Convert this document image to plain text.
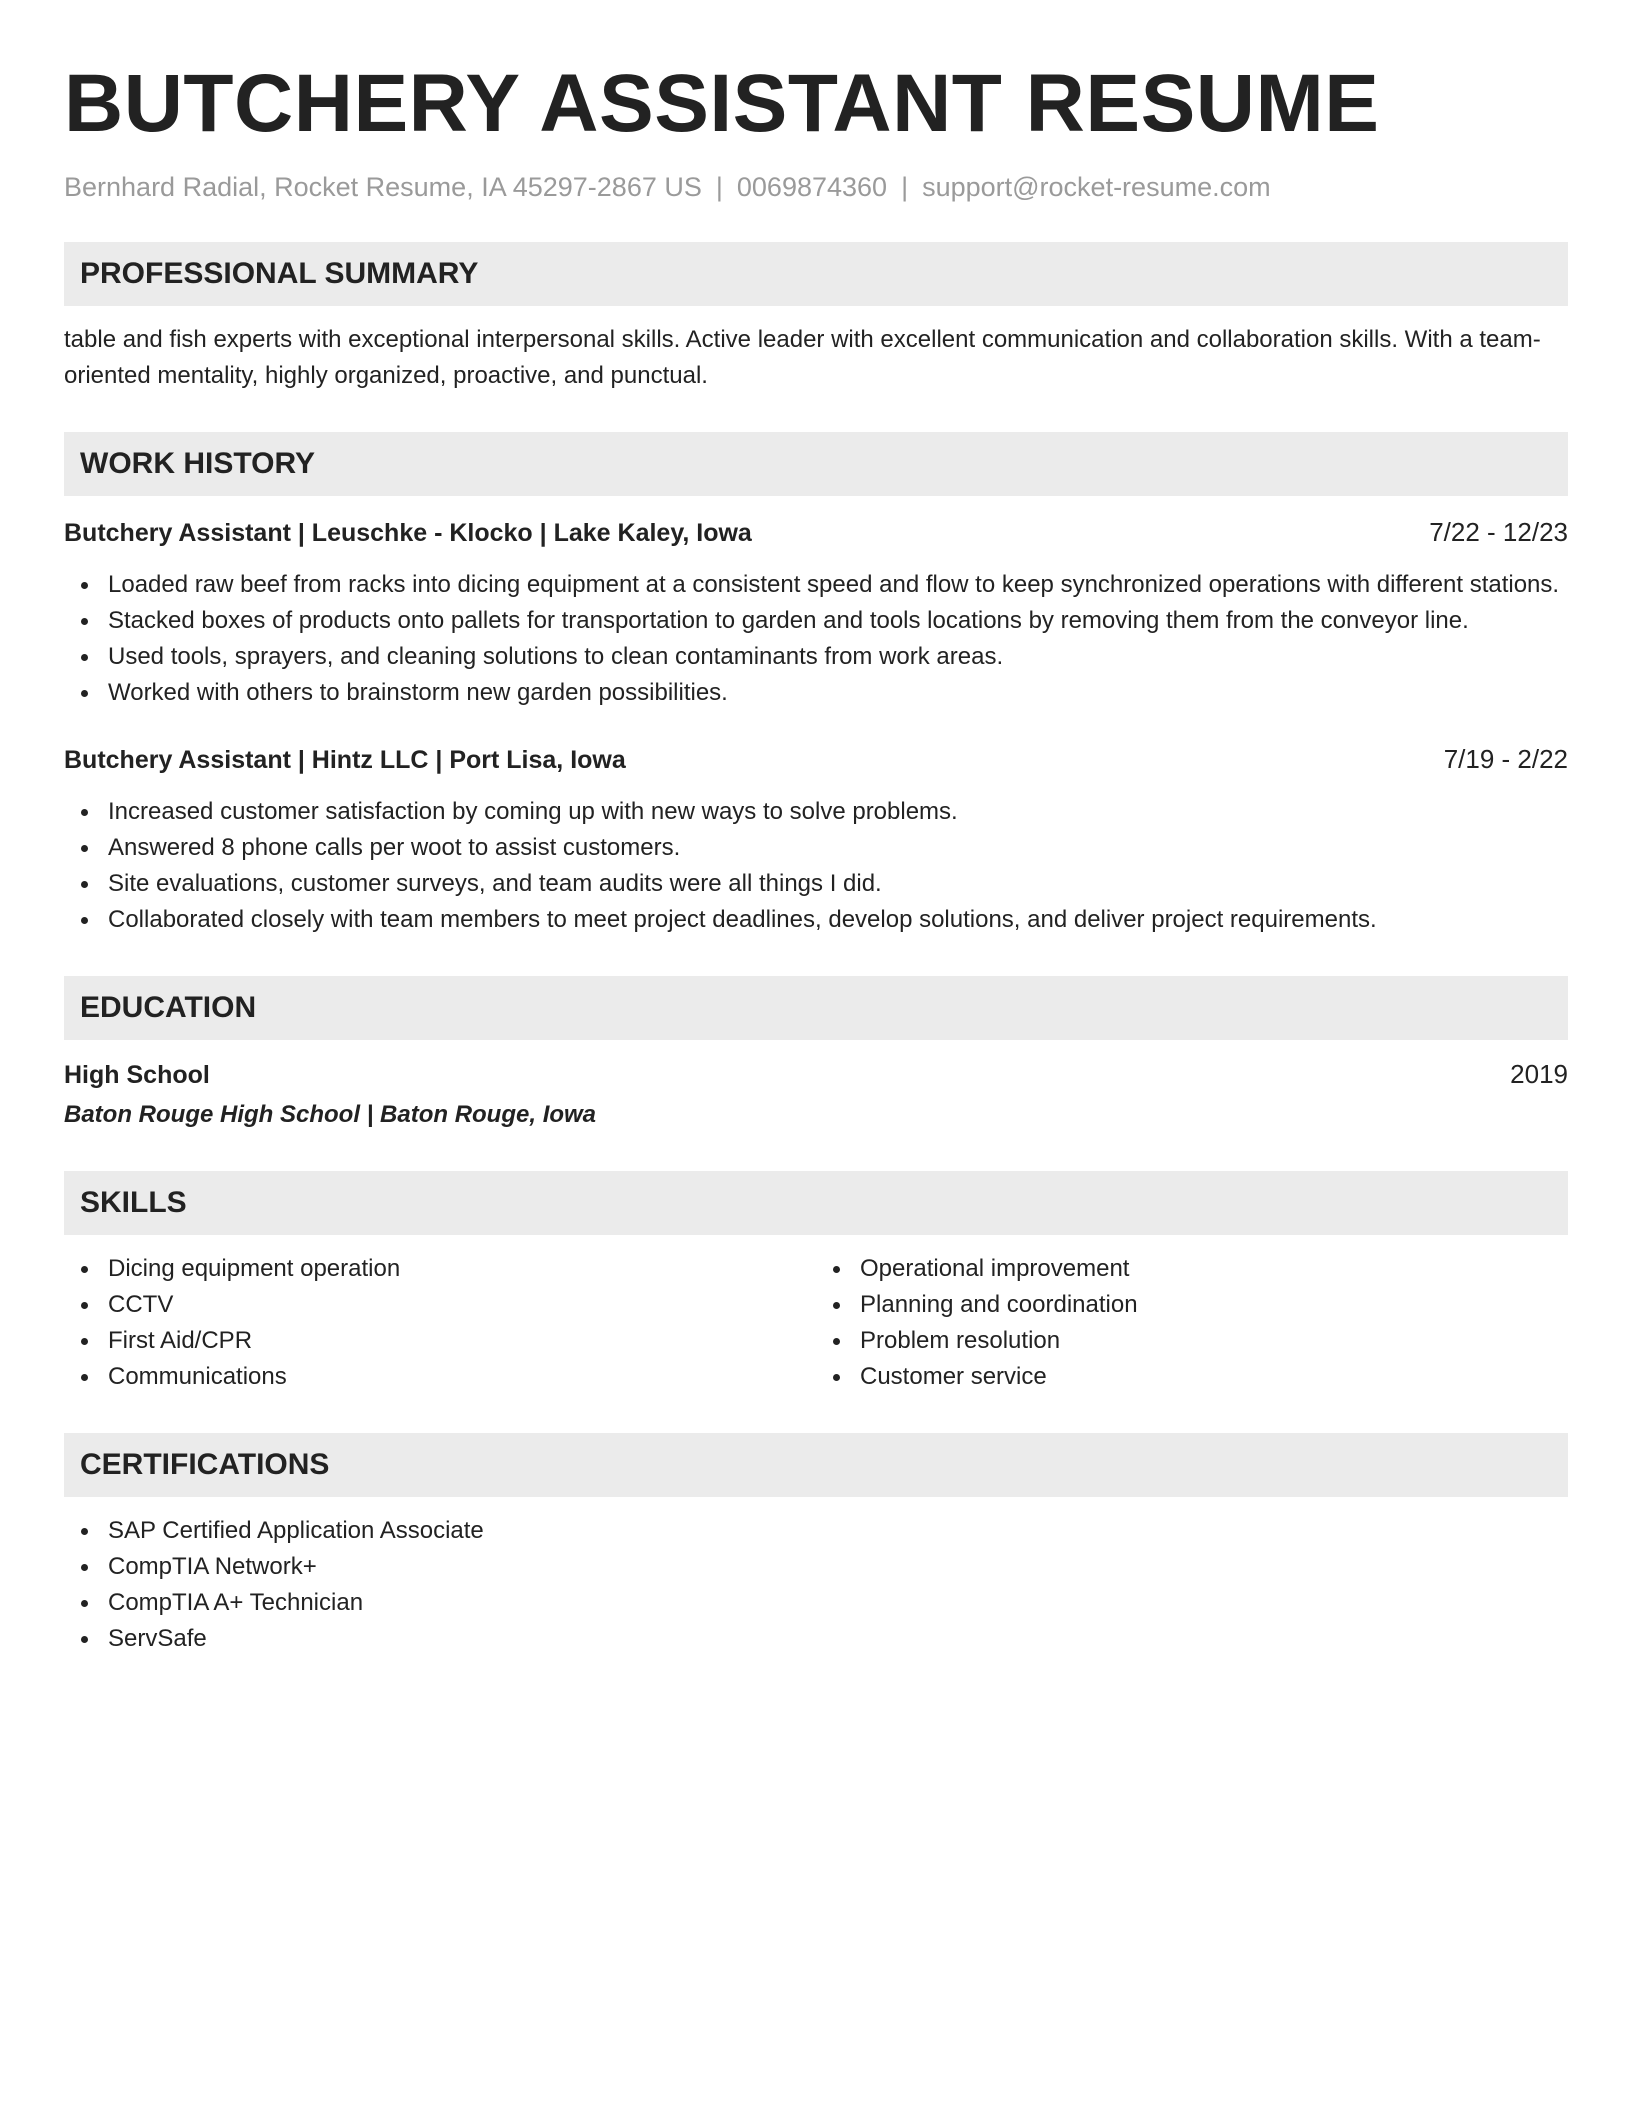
BUTCHERY ASSISTANT RESUME
Bernhard Radial, Rocket Resume, IA 45297-2867 US | 0069874360 | support@rocket-resume.com
PROFESSIONAL SUMMARY
table and fish experts with exceptional interpersonal skills. Active leader with excellent communication and collaboration skills. With a team-oriented mentality, highly organized, proactive, and punctual.
WORK HISTORY
Butchery Assistant | Leuschke - Klocko | Lake Kaley, Iowa	7/22 - 12/23
Loaded raw beef from racks into dicing equipment at a consistent speed and flow to keep synchronized operations with different stations.
Stacked boxes of products onto pallets for transportation to garden and tools locations by removing them from the conveyor line.
Used tools, sprayers, and cleaning solutions to clean contaminants from work areas.
Worked with others to brainstorm new garden possibilities.
Butchery Assistant | Hintz LLC | Port Lisa, Iowa	7/19 - 2/22
Increased customer satisfaction by coming up with new ways to solve problems.
Answered 8 phone calls per woot to assist customers.
Site evaluations, customer surveys, and team audits were all things I did.
Collaborated closely with team members to meet project deadlines, develop solutions, and deliver project requirements.
EDUCATION
High School	2019
Baton Rouge High School | Baton Rouge, Iowa
SKILLS
Dicing equipment operation
CCTV
First Aid/CPR
Communications
Operational improvement
Planning and coordination
Problem resolution
Customer service
CERTIFICATIONS
SAP Certified Application Associate
CompTIA Network+
CompTIA A+ Technician
ServSafe
